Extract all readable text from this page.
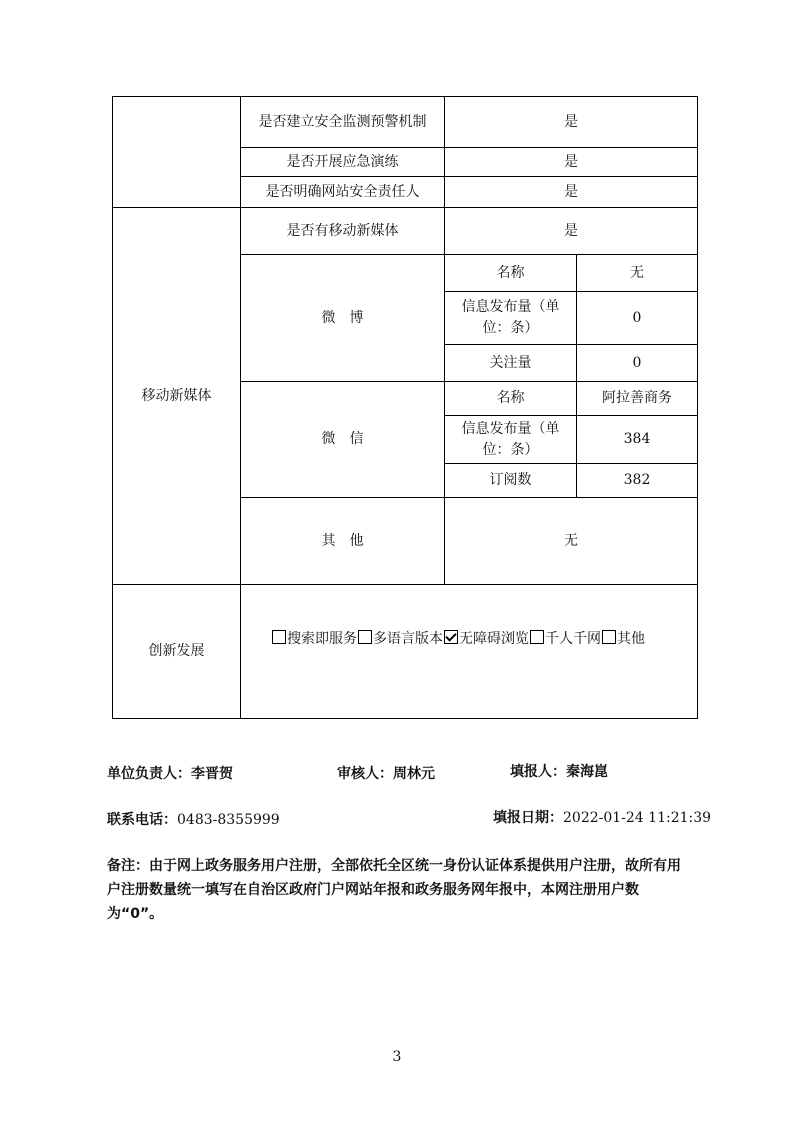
	是否建立安全监测预警机制	是	
	是否开展应急演练	是	
	是否明确网站安全责任人	是	
移动新媒体	是否有移动新媒体	是	
	微　博	名称	无
		信息发布量（单位：条）	0
		关注量	0
	微　信	名称	阿拉善商务
		信息发布量（单位：条）	384
		订阅数	382
	其　他	无	
创新发展	搜索即服务 多语言版本 无障碍浏览 千人千网 其他		
单位负责人：李晋贺	审核人：周林元	填报人：秦海崑
联系电话：0483-8355999	填报日期：2022-01-24 11:21:39
备注：由于网上政务服务用户注册，全部依托全区统一身份认证体系提供用户注册，故所有用户注册数量统一填写在自治区政府门户网站年报和政务服务网年报中，本网注册用户数为“0”。
3
